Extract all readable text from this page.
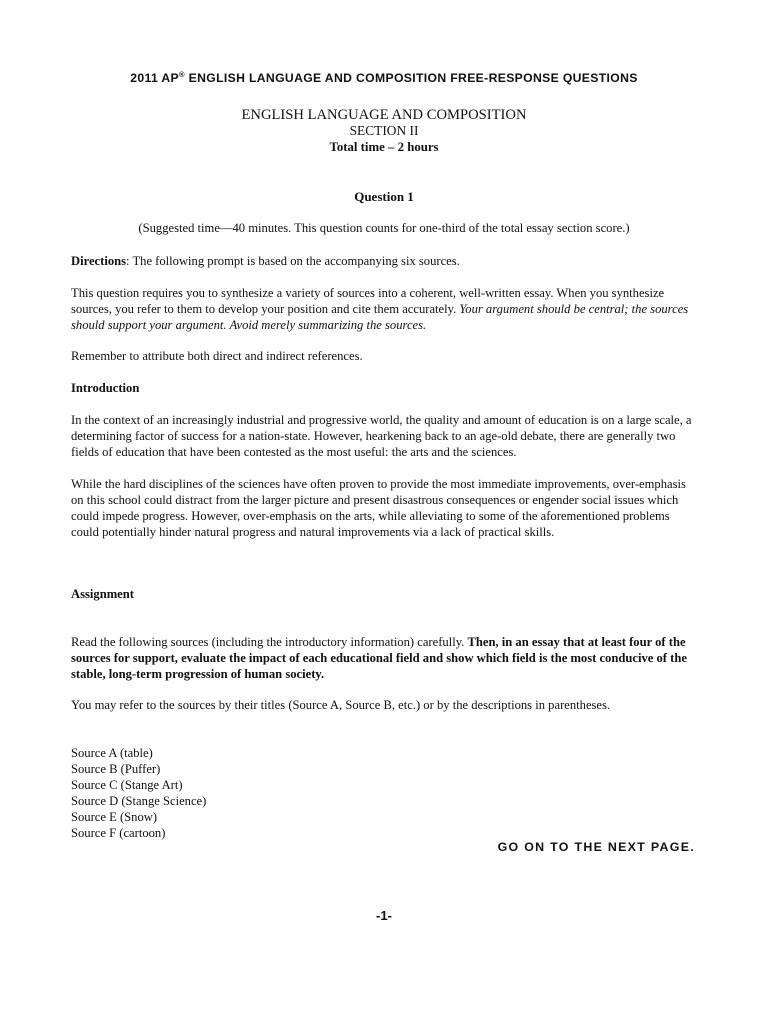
2011 AP® ENGLISH LANGUAGE AND COMPOSITION FREE-RESPONSE QUESTIONS
ENGLISH LANGUAGE AND COMPOSITION
SECTION II
Total time – 2 hours
Question 1
(Suggested time—40 minutes. This question counts for one-third of the total essay section score.)
Directions: The following prompt is based on the accompanying six sources.
This question requires you to synthesize a variety of sources into a coherent, well-written essay. When you synthesize sources, you refer to them to develop your position and cite them accurately. Your argument should be central; the sources should support your argument. Avoid merely summarizing the sources.
Remember to attribute both direct and indirect references.
Introduction
In the context of an increasingly industrial and progressive world, the quality and amount of education is on a large scale, a determining factor of success for a nation-state. However, hearkening back to an age-old debate, there are generally two fields of education that have been contested as the most useful: the arts and the sciences.
While the hard disciplines of the sciences have often proven to provide the most immediate improvements, over-emphasis on this school could distract from the larger picture and present disastrous consequences or engender social issues which could impede progress. However, over-emphasis on the arts, while alleviating to some of the aforementioned problems could potentially hinder natural progress and natural improvements via a lack of practical skills.
Assignment
Read the following sources (including the introductory information) carefully. Then, in an essay that at least four of the sources for support, evaluate the impact of each educational field and show which field is the most conducive of the stable, long-term progression of human society.
You may refer to the sources by their titles (Source A, Source B, etc.) or by the descriptions in parentheses.
Source A (table)
Source B (Puffer)
Source C (Stange Art)
Source D (Stange Science)
Source E (Snow)
Source F (cartoon)
GO ON TO THE NEXT PAGE.
-1-
